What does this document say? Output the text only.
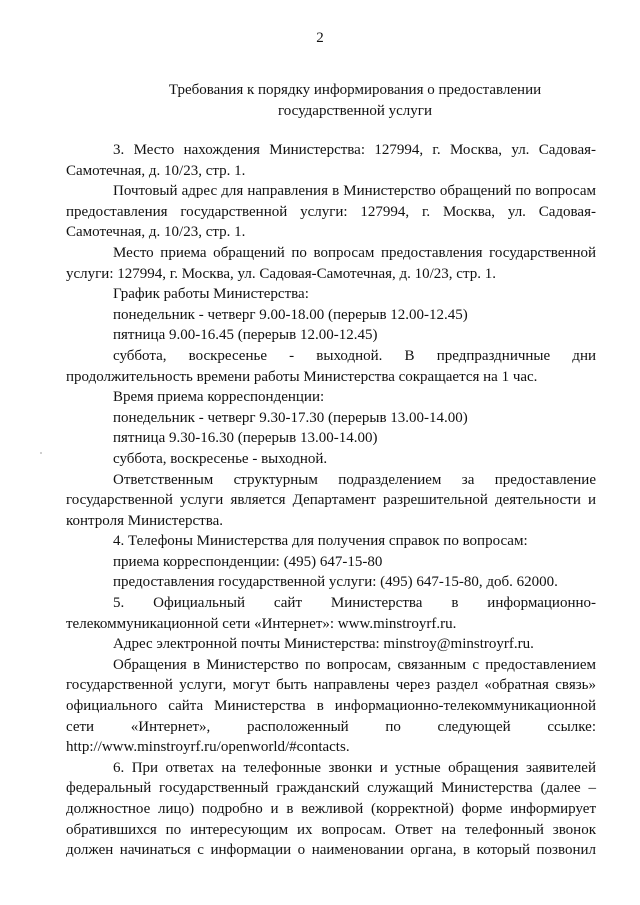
2
Требования к порядку информирования о предоставлении
государственной услуги

3. Место нахождения Министерства: 127994, г. Москва, ул. Садовая-Самотечная, д. 10/23, стр. 1.

Почтовый адрес для направления в Министерство обращений по вопросам предоставления государственной услуги: 127994, г. Москва, ул. Садовая-Самотечная, д. 10/23, стр. 1.

Место приема обращений по вопросам предоставления государственной услуги: 127994, г. Москва, ул. Садовая-Самотечная, д. 10/23, стр. 1.

График работы Министерства:

понедельник - четверг 9.00-18.00 (перерыв 12.00-12.45)

пятница 9.00-16.45 (перерыв 12.00-12.45)

суббота, воскресенье - выходной. В предпраздничные дни продолжительность времени работы Министерства сокращается на 1 час.

Время приема корреспонденции:

понедельник - четверг 9.30-17.30 (перерыв 13.00-14.00)

пятница 9.30-16.30 (перерыв 13.00-14.00)

суббота, воскресенье - выходной.

Ответственным структурным подразделением за предоставление государственной услуги является Департамент разрешительной деятельности и контроля Министерства.

4. Телефоны Министерства для получения справок по вопросам:

приема корреспонденции: (495) 647-15-80

предоставления государственной услуги: (495) 647-15-80, доб. 62000.

5. Официальный сайт Министерства в информационно-телекоммуникационной сети «Интернет»: www.minstroyrf.ru.

Адрес электронной почты Министерства: minstroy@minstroyrf.ru.

Обращения в Министерство по вопросам, связанным с предоставлением государственной услуги, могут быть направлены через раздел «обратная связь» официального сайта Министерства в информационно-телекоммуникационной сети «Интернет», расположенный по следующей ссылке: http://www.minstroyrf.ru/openworld/#contacts.

6. При ответах на телефонные звонки и устные обращения заявителей федеральный государственный гражданский служащий Министерства (далее – должностное лицо) подробно и в вежливой (корректной) форме информирует обратившихся по интересующим их вопросам. Ответ на телефонный звонок должен начинаться с информации о наименовании органа, в который позвонил
